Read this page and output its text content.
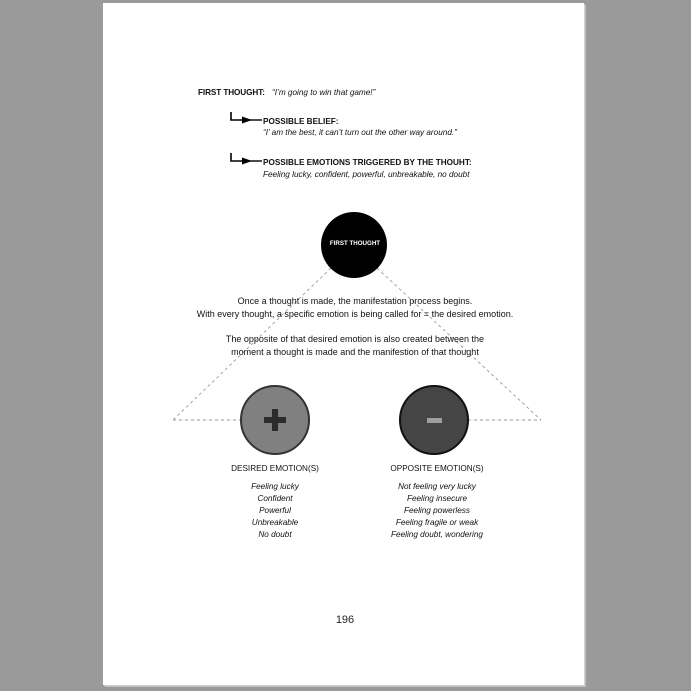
FIRST THOUGHT: “I’m going to win that game!”
POSSIBLE BELIEF:
“I’ am the best, it can’t turn out the other way around.”
POSSIBLE EMOTIONS TRIGGERED BY THE THOUHT:
Feeling lucky, confident, powerful, unbreakable, no doubt
FIRST THOUGHT
Once a thought is made, the manifestation process begins.
With every thought, a specific emotion is being called for = the desired emotion.
The opposite of that desired emotion is also created between the
moment a thought is made and the manifestion of that thought
DESIRED EMOTION(S)	OPPOSITE EMOTION(S)
Feeling lucky
Confident
Powerful
Unbreakable
No doubt
Not feeling very lucky
Feeling insecure
Feeling powerless
Feeling fragile or weak
Feeling doubt, wondering
196
